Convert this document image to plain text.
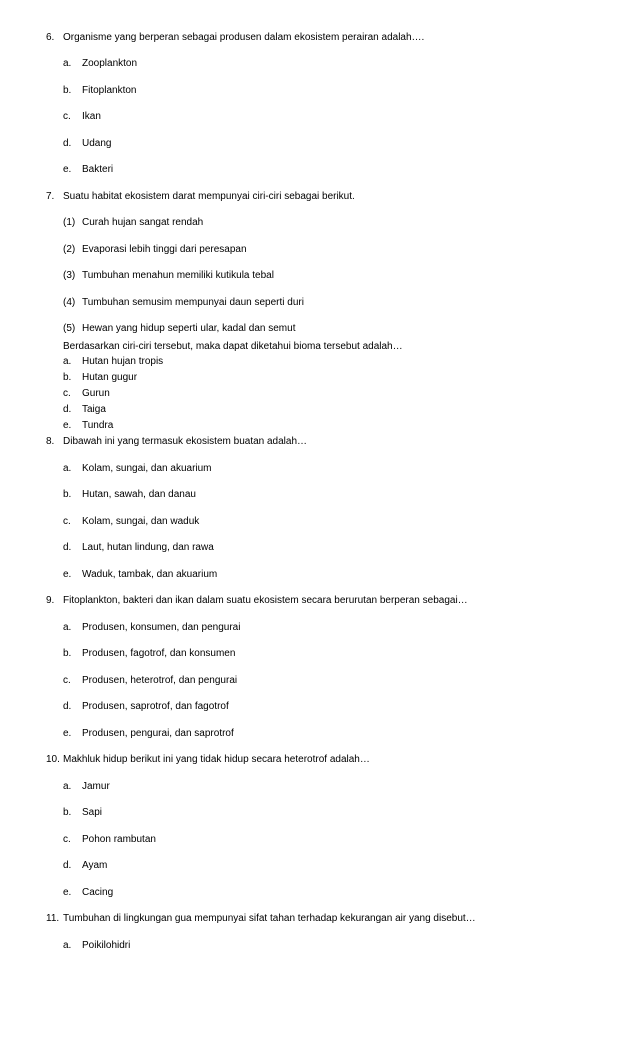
6. Organisme yang berperan sebagai produsen dalam ekosistem perairan adalah….
a. Zooplankton
b. Fitoplankton
c. Ikan
d. Udang
e. Bakteri
7. Suatu habitat ekosistem darat mempunyai ciri-ciri sebagai berikut.
(1) Curah hujan sangat rendah
(2) Evaporasi lebih tinggi dari peresapan
(3) Tumbuhan menahun memiliki kutikula tebal
(4) Tumbuhan semusim mempunyai daun seperti duri
(5) Hewan yang hidup seperti ular, kadal dan semut
Berdasarkan ciri-ciri tersebut, maka dapat diketahui bioma tersebut adalah…
a. Hutan hujan tropis
b. Hutan gugur
c. Gurun
d. Taiga
e. Tundra
8. Dibawah ini yang termasuk ekosistem buatan adalah…
a. Kolam, sungai, dan akuarium
b. Hutan, sawah, dan danau
c. Kolam, sungai, dan waduk
d. Laut, hutan lindung, dan rawa
e. Waduk, tambak, dan akuarium
9. Fitoplankton, bakteri dan ikan dalam suatu ekosistem secara berurutan berperan sebagai…
a. Produsen, konsumen, dan pengurai
b. Produsen, fagotrof, dan konsumen
c. Produsen, heterotrof, dan pengurai
d. Produsen, saprotrof, dan fagotrof
e. Produsen, pengurai, dan saprotrof
10. Makhluk hidup berikut ini yang tidak hidup secara heterotrof adalah…
a. Jamur
b. Sapi
c. Pohon rambutan
d. Ayam
e. Cacing
11. Tumbuhan di lingkungan gua mempunyai sifat tahan terhadap kekurangan air yang disebut…
a. Poikilohidri
